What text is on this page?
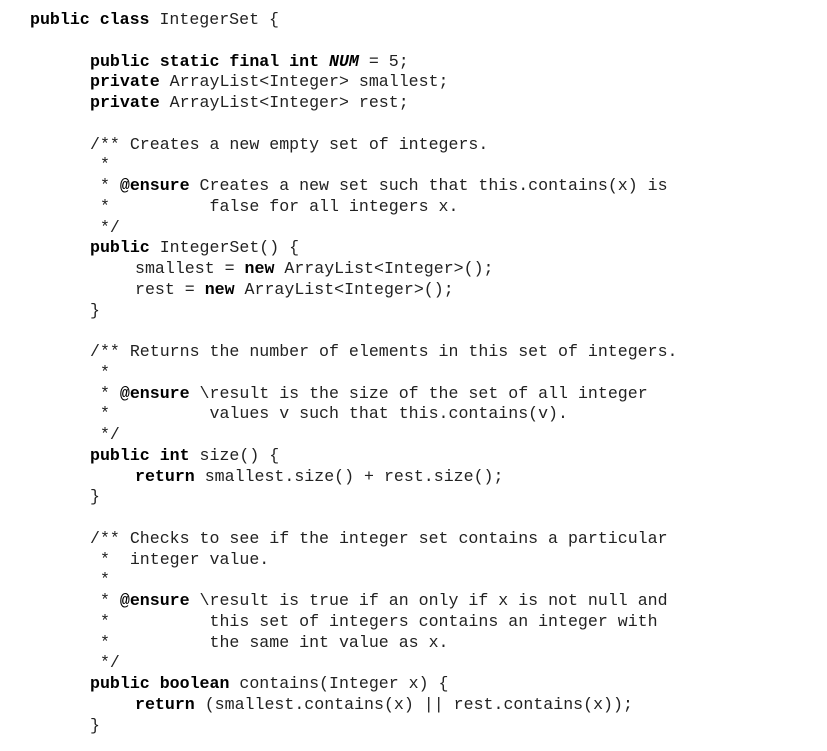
public class IntegerSet {
public static final int NUM = 5;
private ArrayList<Integer> smallest;
private ArrayList<Integer> rest;
/** Creates a new empty set of integers.
*
* @ensure Creates a new set such that this.contains(x) is
*          false for all integers x.
*/
public IntegerSet() {
smallest = new ArrayList<Integer>();
rest = new ArrayList<Integer>();
}
/** Returns the number of elements in this set of integers.
*
* @ensure \result is the size of the set of all integer
*          values v such that this.contains(v).
*/
public int size() {
return smallest.size() + rest.size();
}
/** Checks to see if the integer set contains a particular
*  integer value.
*
* @ensure \result is true if an only if x is not null and
*          this set of integers contains an integer with
*          the same int value as x.
*/
public boolean contains(Integer x) {
return (smallest.contains(x) || rest.contains(x));
}
